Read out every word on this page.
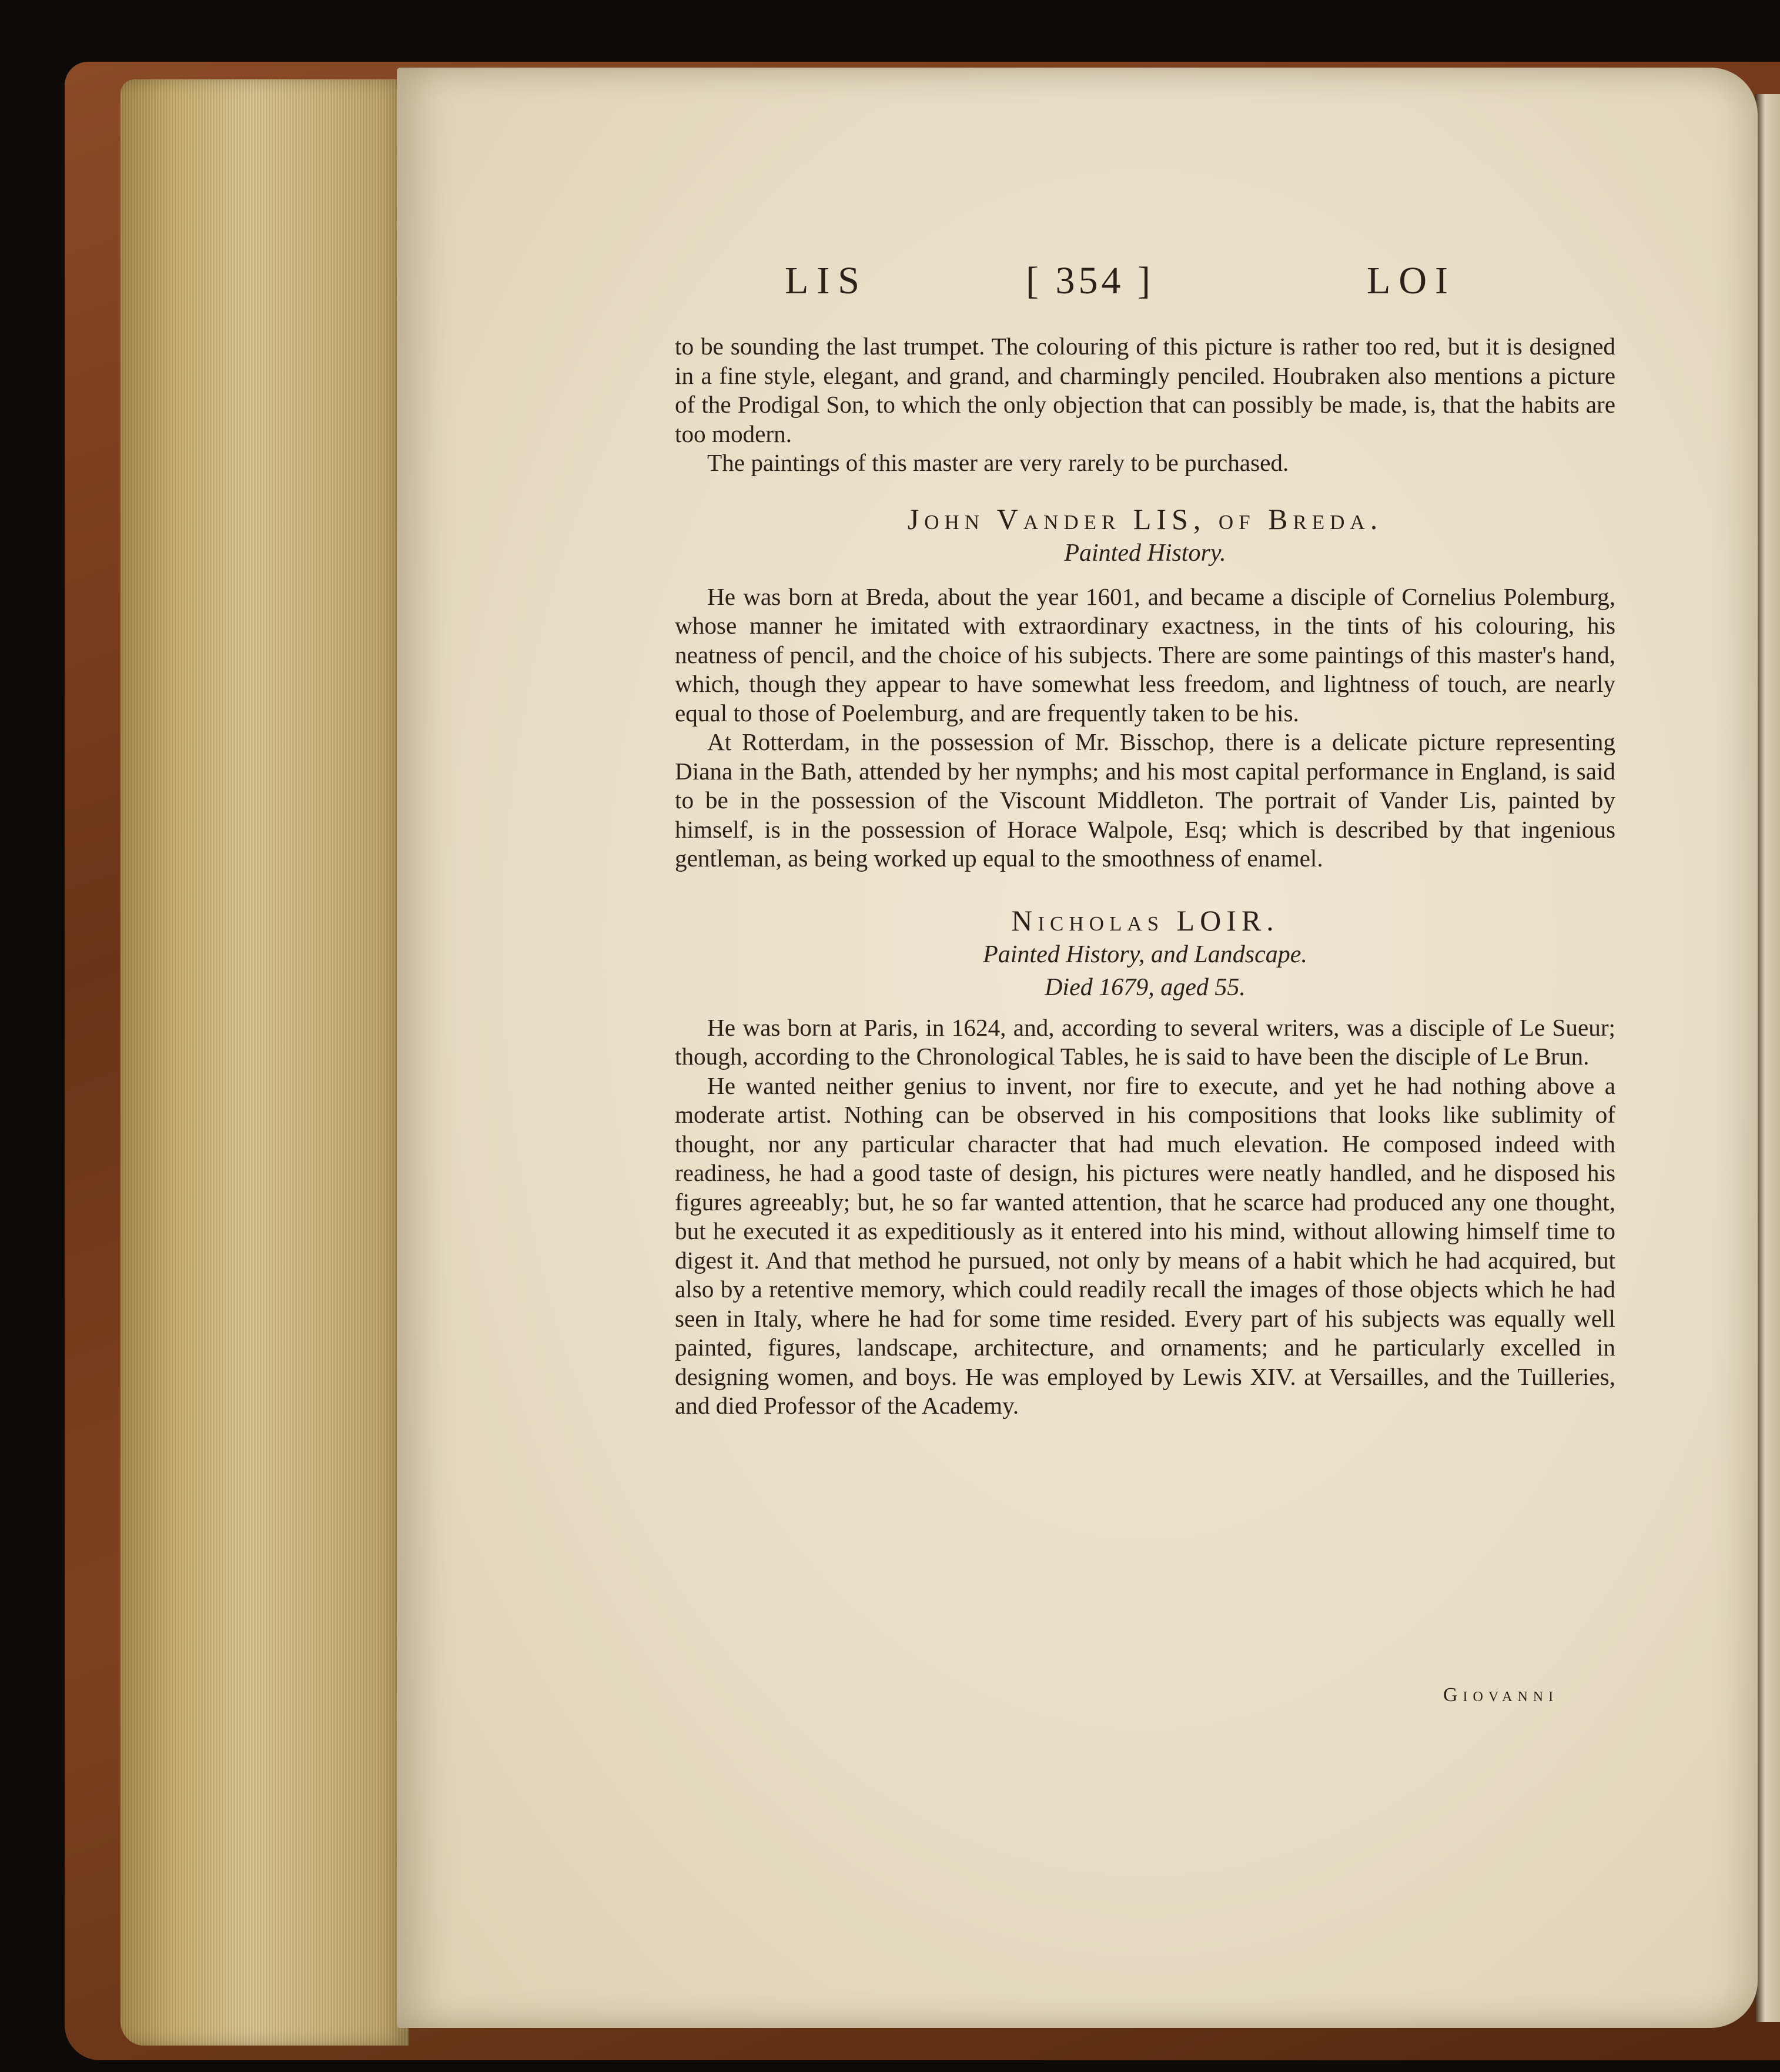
LIS	[ 354 ]	LOI

to be sounding the last trumpet. The colouring of this picture is rather too red, but it is designed in a fine style, elegant, and grand, and charmingly penciled. Houbraken also mentions a picture of the Prodigal Son, to which the only objection that can possibly be made, is, that the habits are too modern.

The paintings of this master are very rarely to be purchased.

John Vander LIS, of Breda.

Painted History.

He was born at Breda, about the year 1601, and became a disciple of Cornelius Polemburg, whose manner he imitated with extraordinary exactness, in the tints of his colouring, his neatness of pencil, and the choice of his subjects. There are some paintings of this master's hand, which, though they appear to have somewhat less freedom, and lightness of touch, are nearly equal to those of Poelemburg, and are frequently taken to be his.

At Rotterdam, in the possession of Mr. Bisschop, there is a delicate picture representing Diana in the Bath, attended by her nymphs; and his most capital performance in England, is said to be in the possession of the Viscount Middleton. The portrait of Vander Lis, painted by himself, is in the possession of Horace Walpole, Esq; which is described by that ingenious gentleman, as being worked up equal to the smoothness of enamel.

Nicholas LOIR.

Painted History, and Landscape.

Died 1679, aged 55.

He was born at Paris, in 1624, and, according to several writers, was a disciple of Le Sueur; though, according to the Chronological Tables, he is said to have been the disciple of Le Brun.

He wanted neither genius to invent, nor fire to execute, and yet he had nothing above a moderate artist. Nothing can be observed in his compositions that looks like sublimity of thought, nor any particular character that had much elevation. He composed indeed with readiness, he had a good taste of design, his pictures were neatly handled, and he disposed his figures agreeably; but, he so far wanted attention, that he scarce had produced any one thought, but he executed it as expeditiously as it entered into his mind, without allowing himself time to digest it. And that method he pursued, not only by means of a habit which he had acquired, but also by a retentive memory, which could readily recall the images of those objects which he had seen in Italy, where he had for some time resided. Every part of his subjects was equally well painted, figures, landscape, architecture, and ornaments; and he particularly excelled in designing women, and boys. He was employed by Lewis XIV. at Versailles, and the Tuilleries, and died Professor of the Academy.

Giovanni
